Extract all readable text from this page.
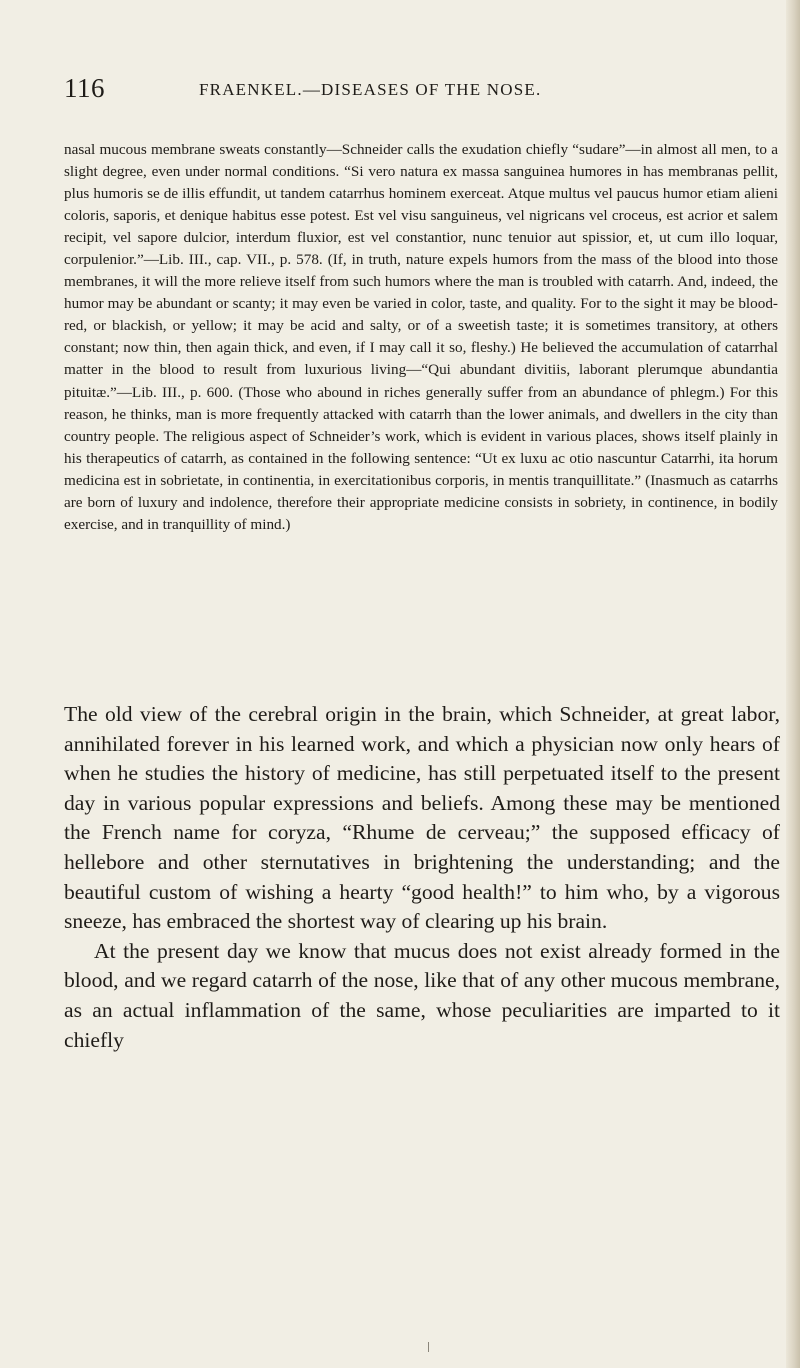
116	FRAENKEL.—DISEASES OF THE NOSE.

nasal mucous membrane sweats constantly—Schneider calls the exudation chiefly “sudare”—in almost all men, to a slight degree, even under normal conditions. “Si vero natura ex massa sanguinea humores in has membranas pellit, plus humoris se de illis effundit, ut tandem catarrhus hominem exerceat. Atque multus vel paucus humor etiam alieni coloris, saporis, et denique habitus esse potest. Est vel visu sanguineus, vel nigricans vel croceus, est acrior et salem recipit, vel sapore dulcior, interdum fluxior, est vel constantior, nunc tenuior aut spissior, et, ut cum illo loquar, corpulenior.”—Lib. III., cap. VII., p. 578. (If, in truth, nature expels humors from the mass of the blood into those membranes, it will the more relieve itself from such humors where the man is troubled with catarrh. And, indeed, the humor may be abundant or scanty; it may even be varied in color, taste, and quality. For to the sight it may be blood-red, or blackish, or yellow; it may be acid and salty, or of a sweetish taste; it is sometimes transitory, at others constant; now thin, then again thick, and even, if I may call it so, fleshy.) He believed the accumulation of catarrhal matter in the blood to result from luxurious living—“Qui abundant divitiis, laborant plerumque abundantia pituitæ.”—Lib. III., p. 600. (Those who abound in riches generally suffer from an abundance of phlegm.) For this reason, he thinks, man is more frequently attacked with catarrh than the lower animals, and dwellers in the city than country people. The religious aspect of Schneider’s work, which is evident in various places, shows itself plainly in his therapeutics of catarrh, as contained in the following sentence: “Ut ex luxu ac otio nascuntur Catarrhi, ita horum medicina est in sobrietate, in continentia, in exercitationibus corporis, in mentis tranquillitate.” (Inasmuch as catarrhs are born of luxury and indolence, therefore their appropriate medicine consists in sobriety, in continence, in bodily exercise, and in tranquillity of mind.)

The old view of the cerebral origin in the brain, which Schneider, at great labor, annihilated forever in his learned work, and which a physician now only hears of when he studies the history of medicine, has still perpetuated itself to the present day in various popular expressions and beliefs. Among these may be mentioned the French name for coryza, “Rhume de cerveau;” the supposed efficacy of hellebore and other sternutatives in brightening the understanding; and the beautiful custom of wishing a hearty “good health!” to him who, by a vigorous sneeze, has embraced the shortest way of clearing up his brain.

At the present day we know that mucus does not exist already formed in the blood, and we regard catarrh of the nose, like that of any other mucous membrane, as an actual inflammation of the same, whose peculiarities are imparted to it chiefly
